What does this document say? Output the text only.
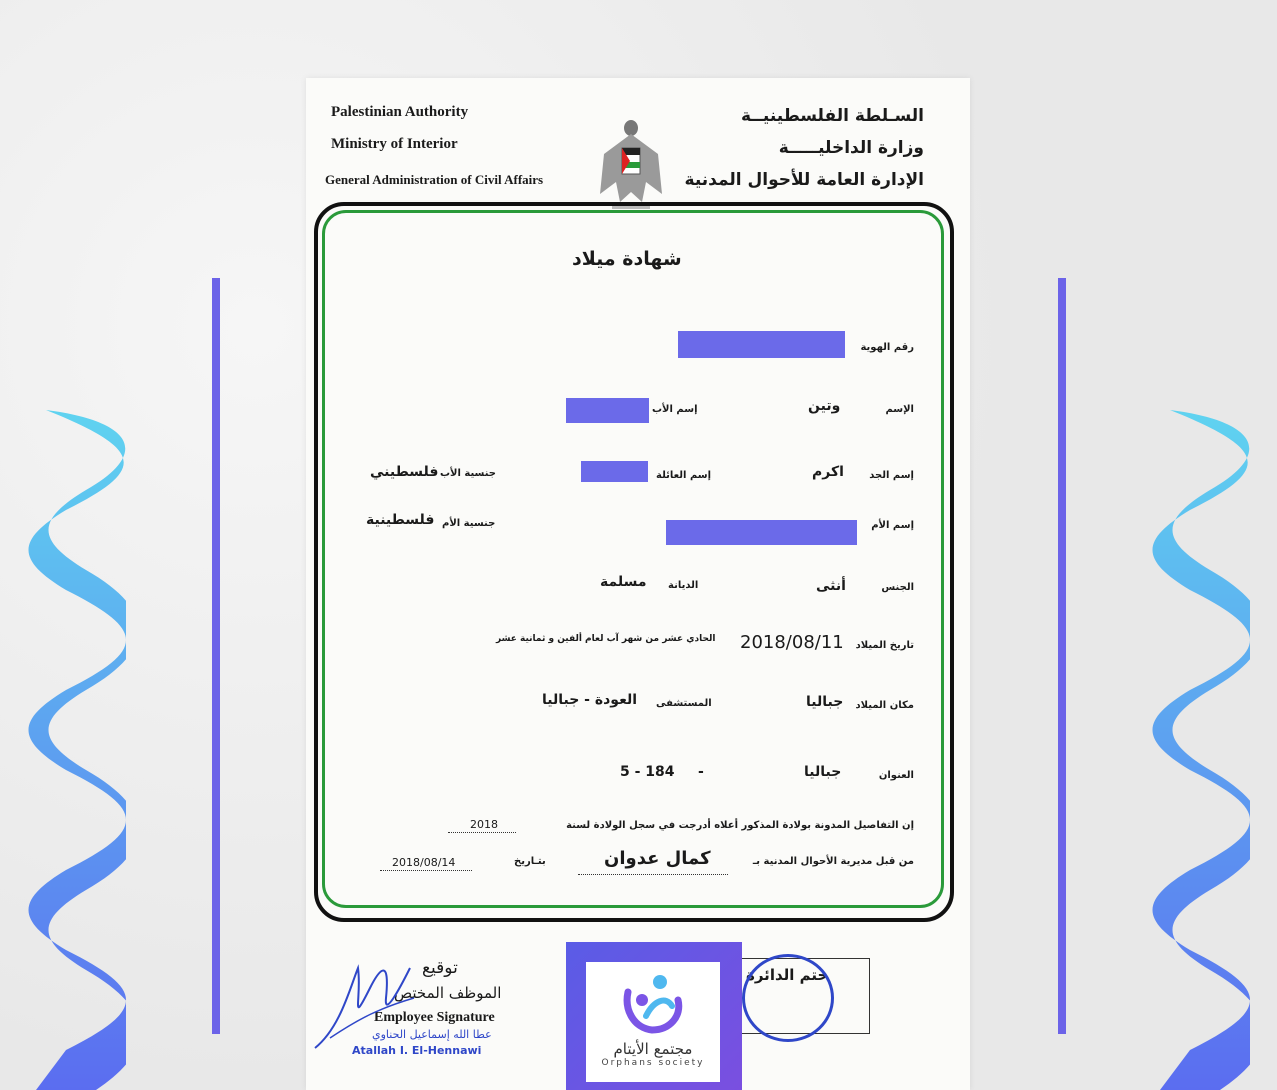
Palestinian Authority
Ministry of Interior
General Administration of Civil Affairs
السـلطة الفلسطينيــة
وزارة الداخليـــــة
الإدارة العامة للأحوال المدنية
شهادة ميلاد
رقم الهوية
الإسم
وتين
إسم الأب
إسم الجد
اكرم
إسم العائلة
جنسية الأب
فلسطيني
إسم الأم
جنسية الأم
فلسطينية
الجنس
أنثى
الديانة
مسلمة
تاريخ الميلاد
2018/08/11
الحادي عشر من شهر آب لعام ألفين و ثمانية عشر
مكان الميلاد
جباليا
المستشفى
العودة - جباليا
العنوان
جباليا
-
5 - 184
إن التفاصيل المدونة بولادة المذكور أعلاه أدرجت في سجل الولادة لسنة
2018
من قبل مديرية الأحوال المدنية بـ
كمال عدوان
بتـاريخ
2018/08/14
توقيع
الموظف المختص
Employee Signature
عطا الله إسماعيل الحناوي
Atallah I. El-Hennawi
ختم الدائرة
مجتمع الأيتام
Orphans society
